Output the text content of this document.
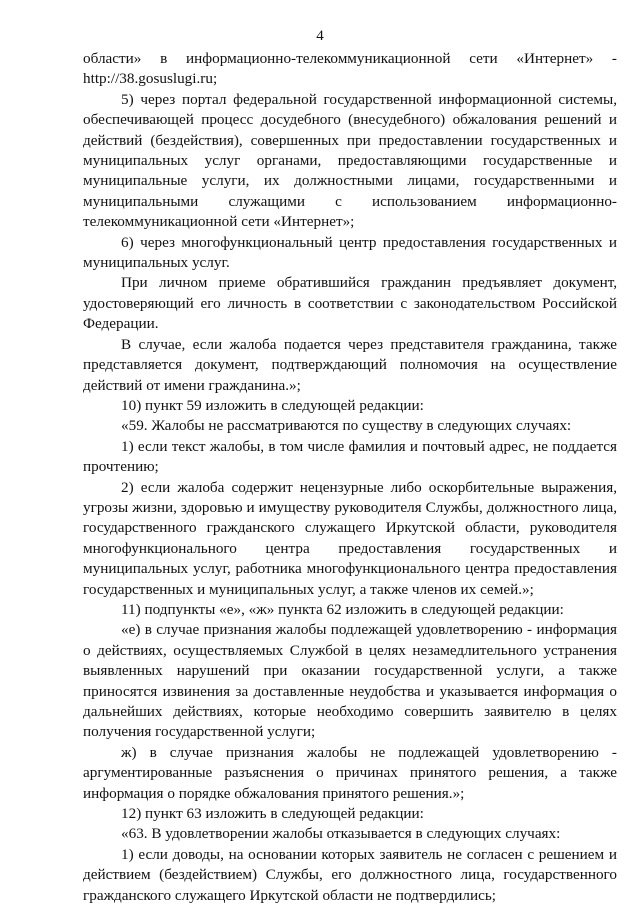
4

области» в информационно-телекоммуникационной сети «Интернет» - http://38.gosuslugi.ru;

5) через портал федеральной государственной информационной системы, обеспечивающей процесс досудебного (внесудебного) обжалования решений и действий (бездействия), совершенных при предоставлении государственных и муниципальных услуг органами, предоставляющими государственные и муниципальные услуги, их должностными лицами, государственными и муниципальными служащими с использованием информационно-телекоммуникационной сети «Интернет»;

6) через многофункциональный центр предоставления государственных и муниципальных услуг.

При личном приеме обратившийся гражданин предъявляет документ, удостоверяющий его личность в соответствии с законодательством Российской Федерации.

В случае, если жалоба подается через представителя гражданина, также представляется документ, подтверждающий полномочия на осуществление действий от имени гражданина.»;

10) пункт 59 изложить в следующей редакции:

«59. Жалобы не рассматриваются по существу в следующих случаях:

1) если текст жалобы, в том числе фамилия и почтовый адрес, не поддается прочтению;

2) если жалоба содержит нецензурные либо оскорбительные выражения, угрозы жизни, здоровью и имуществу руководителя Службы, должностного лица, государственного гражданского служащего Иркутской области, руководителя многофункционального центра предоставления государственных и муниципальных услуг, работника многофункционального центра предоставления государственных и муниципальных услуг, а также членов их семей.»;

11) подпункты «е», «ж» пункта 62 изложить в следующей редакции:

«е) в случае признания жалобы подлежащей удовлетворению - информация о действиях, осуществляемых Службой в целях незамедлительного устранения выявленных нарушений при оказании государственной услуги, а также приносятся извинения за доставленные неудобства и указывается информация о дальнейших действиях, которые необходимо совершить заявителю в целях получения государственной услуги;

ж) в случае признания жалобы не подлежащей удовлетворению - аргументированные разъяснения о причинах принятого решения, а также информация о порядке обжалования принятого решения.»;

12) пункт 63 изложить в следующей редакции:

«63. В удовлетворении жалобы отказывается в следующих случаях:

1) если доводы, на основании которых заявитель не согласен с решением и действием (бездействием) Службы, его должностного лица, государственного гражданского служащего Иркутской области не подтвердились;
